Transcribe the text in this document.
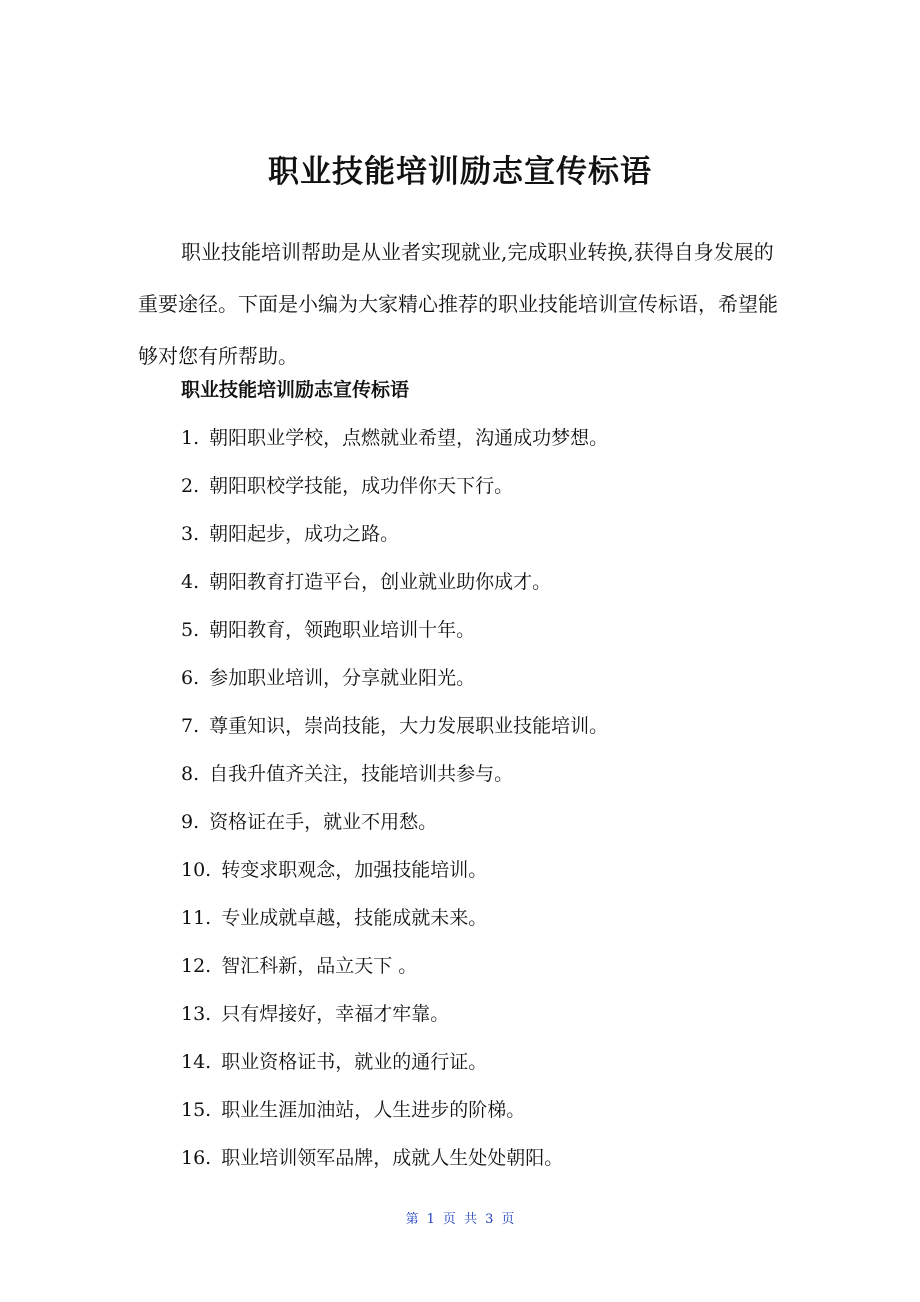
职业技能培训励志宣传标语

职业技能培训帮助是从业者实现就业,完成职业转换,获得自身发展的重要途径。下面是小编为大家精心推荐的职业技能培训宣传标语，希望能够对您有所帮助。

职业技能培训励志宣传标语
1. 朝阳职业学校，点燃就业希望，沟通成功梦想。
2. 朝阳职校学技能，成功伴你天下行。
3. 朝阳起步，成功之路。
4. 朝阳教育打造平台，创业就业助你成才。
5. 朝阳教育，领跑职业培训十年。
6. 参加职业培训，分享就业阳光。
7. 尊重知识，崇尚技能，大力发展职业技能培训。
8. 自我升值齐关注，技能培训共参与。
9. 资格证在手，就业不用愁。
10. 转变求职观念，加强技能培训。
11. 专业成就卓越，技能成就未来。
12. 智汇科新，品立天下 。
13. 只有焊接好，幸福才牢靠。
14. 职业资格证书，就业的通行证。
15. 职业生涯加油站，人生进步的阶梯。
16. 职业培训领军品牌，成就人生处处朝阳。
第 1 页 共 3 页
